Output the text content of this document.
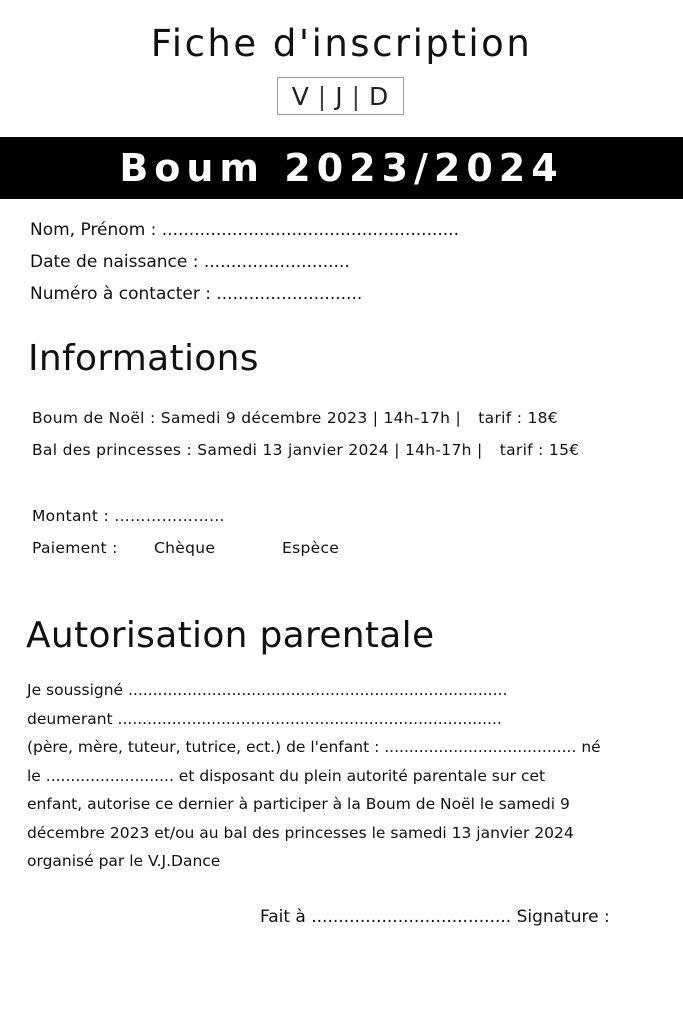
Fiche d'inscription
V | J | D
Boum 2023/2024
Nom, Prénom : .......................................................
Date de naissance : ...........................
Numéro à contacter : ...........................
Informations
Boum de Noël : Samedi 9 décembre 2023 | 14h-17h | tarif : 18€
Bal des princesses : Samedi 13 janvier 2024 | 14h-17h | tarif : 15€
Montant : …………………
Paiement : Chèque	Espèce
Autorisation parentale
Je soussigné .............................................................................
deumerant ..............................................................................
(père, mère, tuteur, tutrice, ect.) de l'enfant : ....................................... né
le .......................... et disposant du plein autorité parentale sur cet
enfant, autorise ce dernier à participer à la Boum de Noël le samedi 9
décembre 2023 et/ou au bal des princesses le samedi 13 janvier 2024
organisé par le V.J.Dance
Fait à ..................................... Signature :
